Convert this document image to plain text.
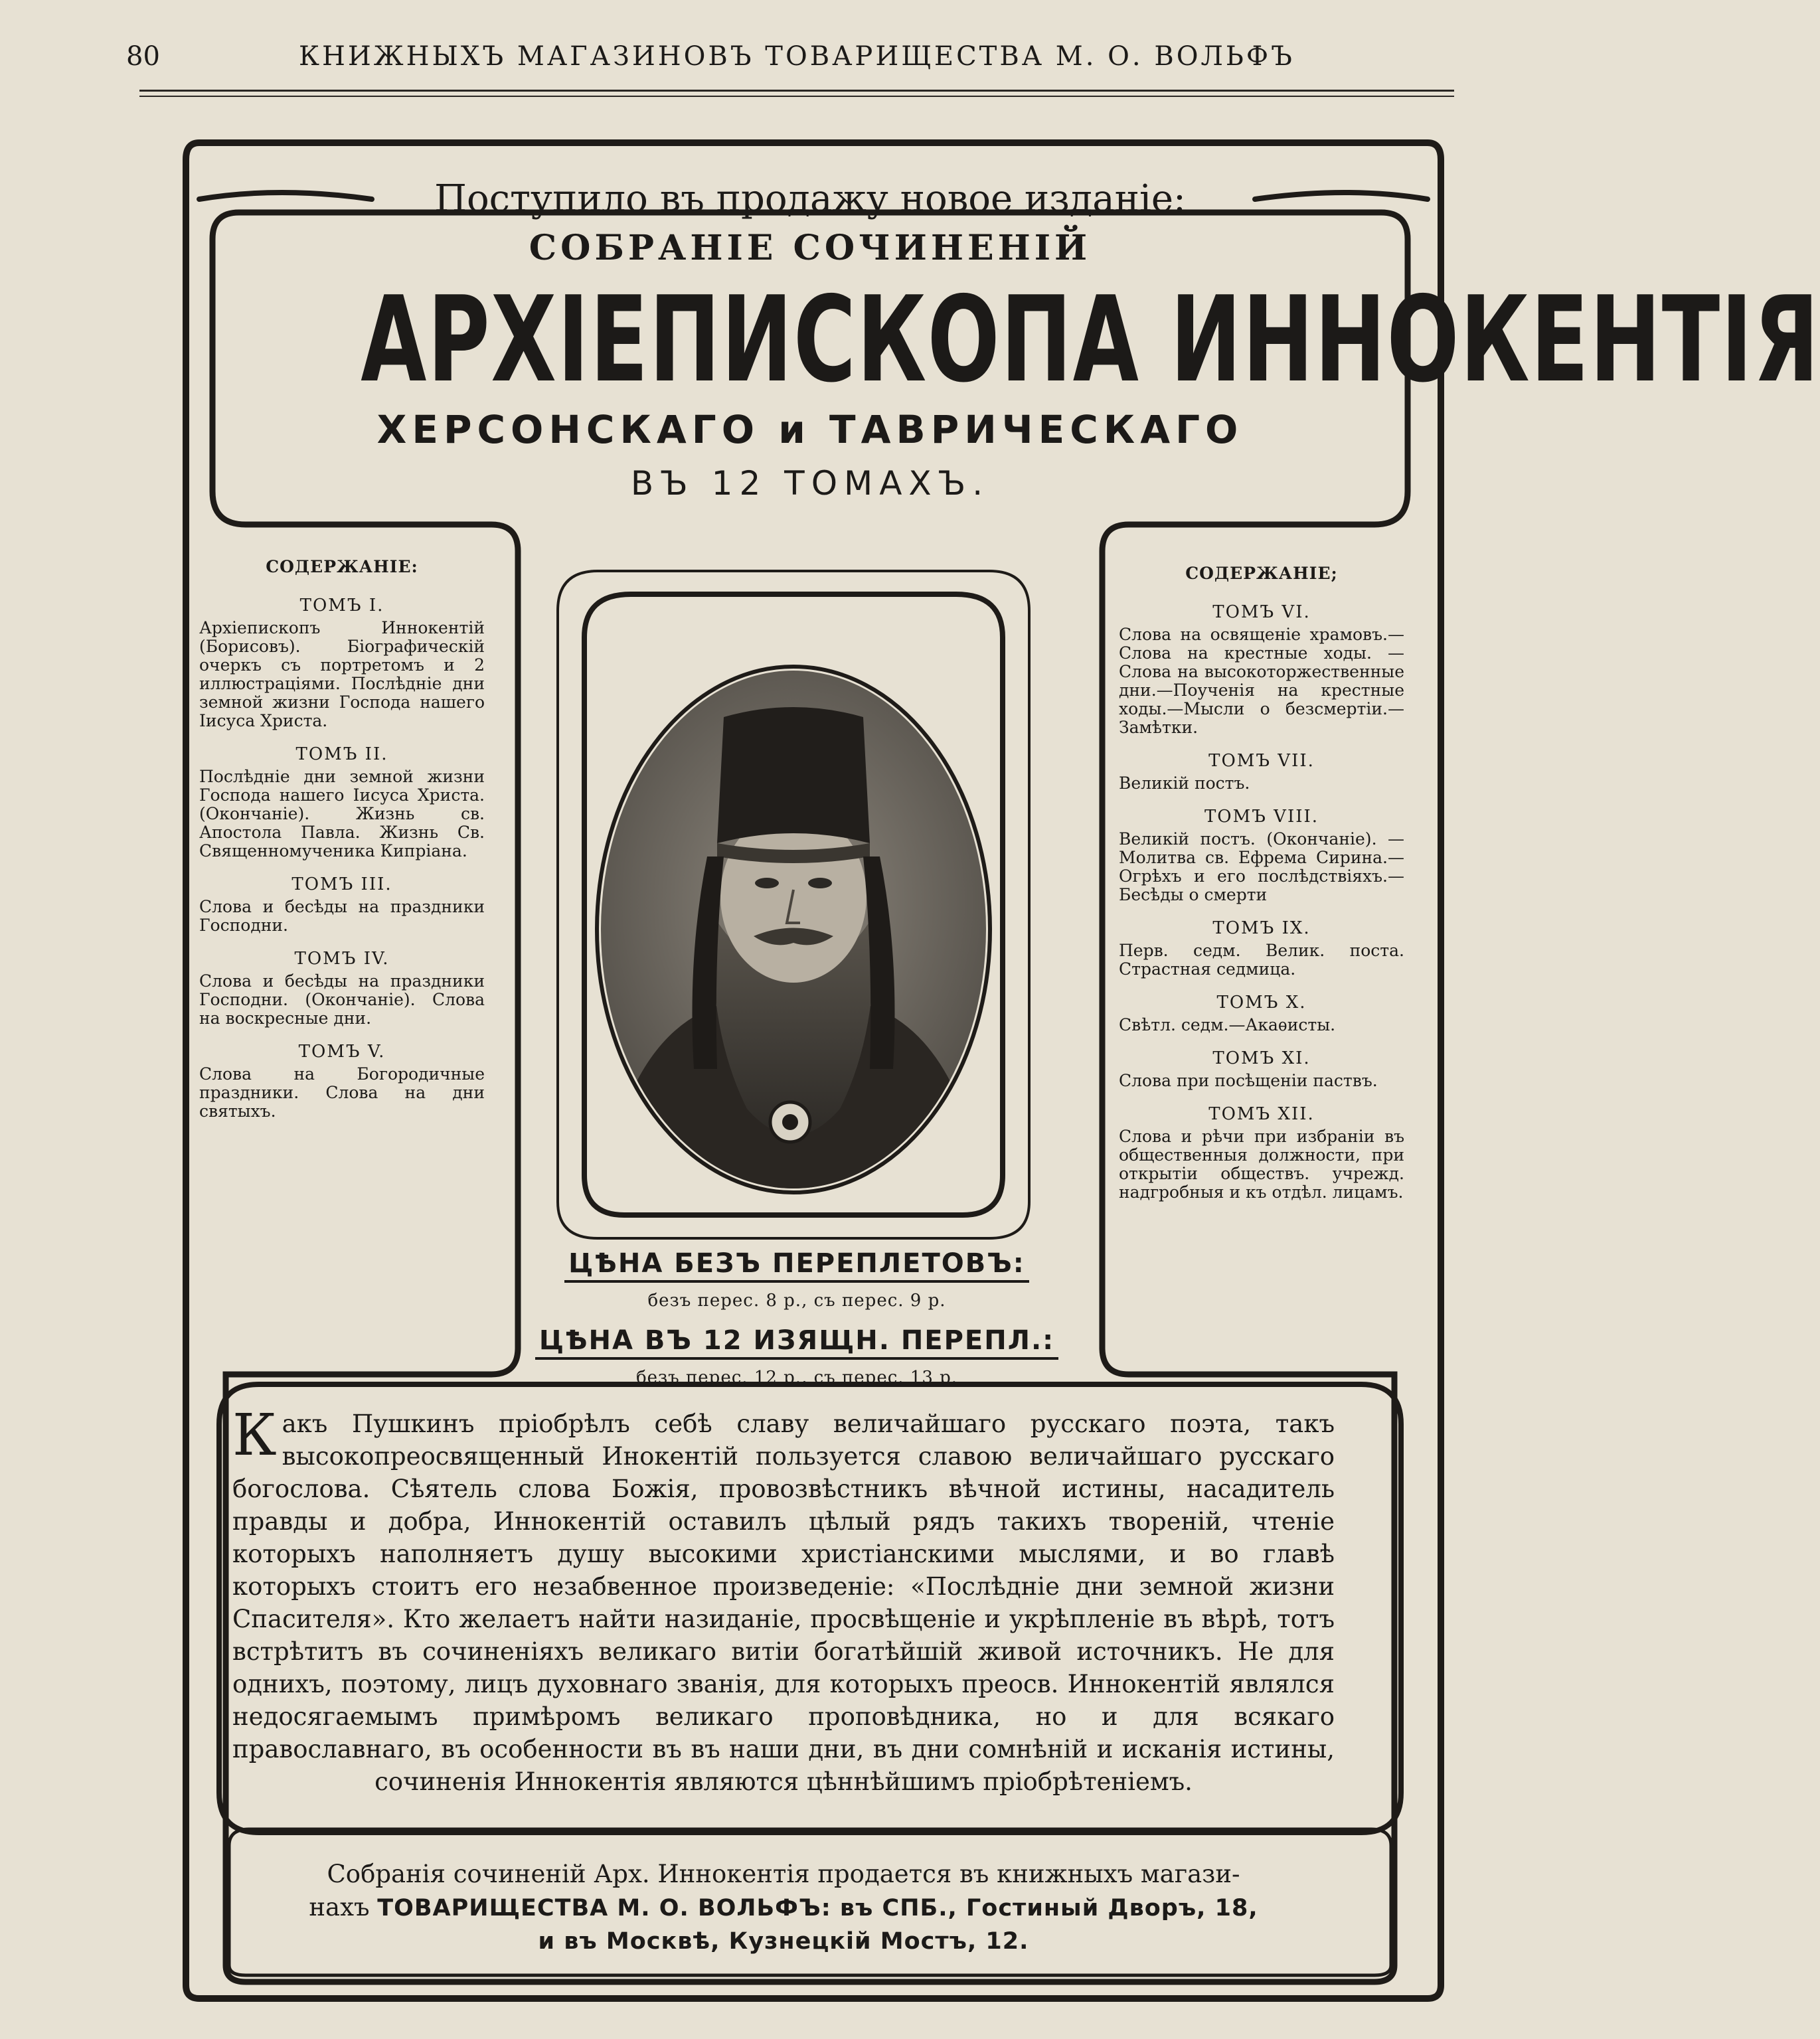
80	КНИЖНЫХЪ МАГАЗИНОВЪ ТОВАРИЩЕСТВА М. О. ВОЛЬФЪ
Поступило въ продажу новое изданіе:
СОБРАНІЕ СОЧИНЕНІЙ
АРХІЕПИСКОПА ИННОКЕНТІЯ
ХЕРСОНСКАГО и ТАВРИЧЕСКАГО
ВЪ 12 ТОМАХЪ.
СОДЕРЖАНІЕ:
ТОМЪ I.
Архіепископъ Иннокентій (Борисовъ). Біографическій очеркъ съ портретомъ и 2 иллюстраціями. Послѣдніе дни земной жизни Господа нашего Іисуса Христа.
ТОМЪ II.
Послѣдніе дни земной жизни Господа нашего Іисуса Христа. (Окончаніе). Жизнь св. Апостола Павла. Жизнь Св. Священномученика Кипріана.
ТОМЪ III.
Слова и бесѣды на праздники Господни.
ТОМЪ IV.
Слова и бесѣды на праздники Господни. (Окончаніе). Слова на воскресные дни.
ТОМЪ V.
Слова на Богородичные праздники. Слова на дни святыхъ.
СОДЕРЖАНІЕ;
ТОМЪ VI.
Слова на освященіе храмовъ.—Слова на крестные ходы. — Слова на высокоторжественные дни.—Поученія на крестные ходы.—Мысли о безсмертіи.—Замѣтки.
ТОМЪ VII.
Великій постъ.
ТОМЪ VIII.
Великій постъ. (Окончаніе). — Молитва св. Ефрема Сирина.—Огрѣхъ и его послѣдствіяхъ.—Бесѣды о смерти
ТОМЪ IX.
Перв. седм. Велик. поста. Страстная седмица.
ТОМЪ X.
Свѣтл. седм.—Акаѳисты.
ТОМЪ XI.
Слова при посѣщеніи паствъ.
ТОМЪ XII.
Слова и рѣчи при избраніи въ общественныя должности, при открытіи обществъ. учрежд. надгробныя и къ отдѣл. лицамъ.
ЦѢНА БЕЗЪ ПЕРЕПЛЕТОВЪ:
безъ перес. 8 р., съ перес. 9 р.
ЦѢНА ВЪ 12 ИЗЯЩН. ПЕРЕПЛ.:
безъ перес. 12 р., съ перес. 13 р.
Какъ Пушкинъ пріобрѣлъ себѣ славу величайшаго русскаго поэта, такъ высокопреосвященный Инокентій пользуется славою величайшаго русскаго богослова. Сѣятель слова Божія, провозвѣстникъ вѣчной истины, насадитель правды и добра, Иннокентій оставилъ цѣлый рядъ такихъ твореній, чтеніе которыхъ наполняетъ душу высокими христіанскими мыслями, и во главѣ которыхъ стоитъ его незабвенное произведеніе: «Послѣдніе дни земной жизни Спасителя». Кто желаетъ найти назиданіе, просвѣщеніе и укрѣпленіе въ вѣрѣ, тотъ встрѣтитъ въ сочиненіяхъ великаго витіи богатѣйшій живой источникъ. Не для однихъ, поэтому, лицъ духовнаго званія, для которыхъ преосв. Иннокентій являлся недосягаемымъ примѣромъ великаго проповѣдника, но и для всякаго православнаго, въ особенности въ въ наши дни, въ дни сомнѣній и исканія истины, сочиненія Иннокентія являются цѣннѣйшимъ пріобрѣтеніемъ.
Собранія сочиненій Арх. Иннокентія продается въ книжныхъ магази-
нахъ ТОВАРИЩЕСТВА М. О. ВОЛЬФЪ: въ СПБ., Гостиный Дворъ, 18,
и въ Москвѣ, Кузнецкій Мостъ, 12.
